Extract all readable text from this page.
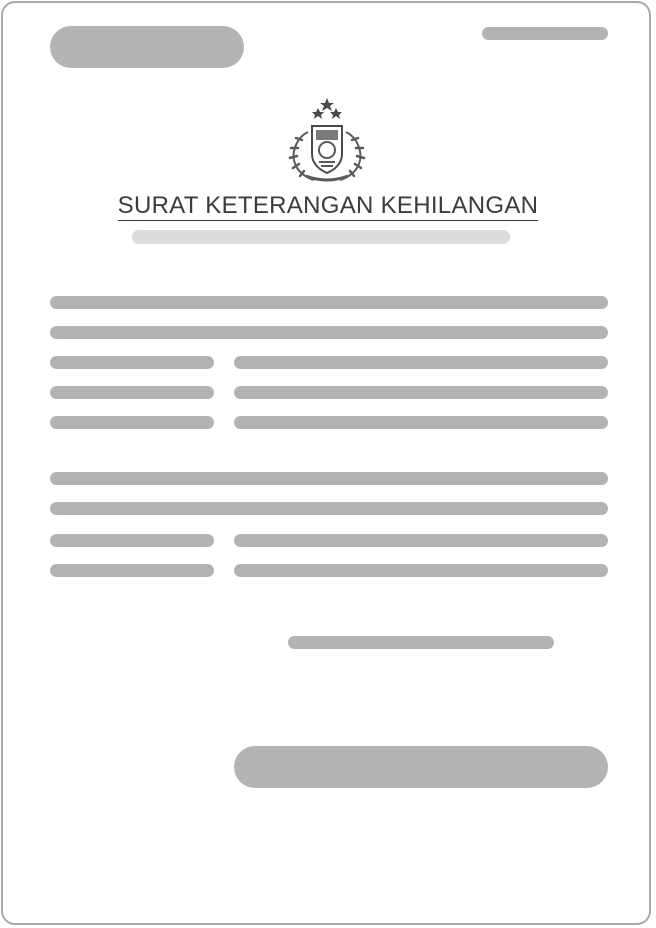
SURAT KETERANGAN KEHILANGAN
